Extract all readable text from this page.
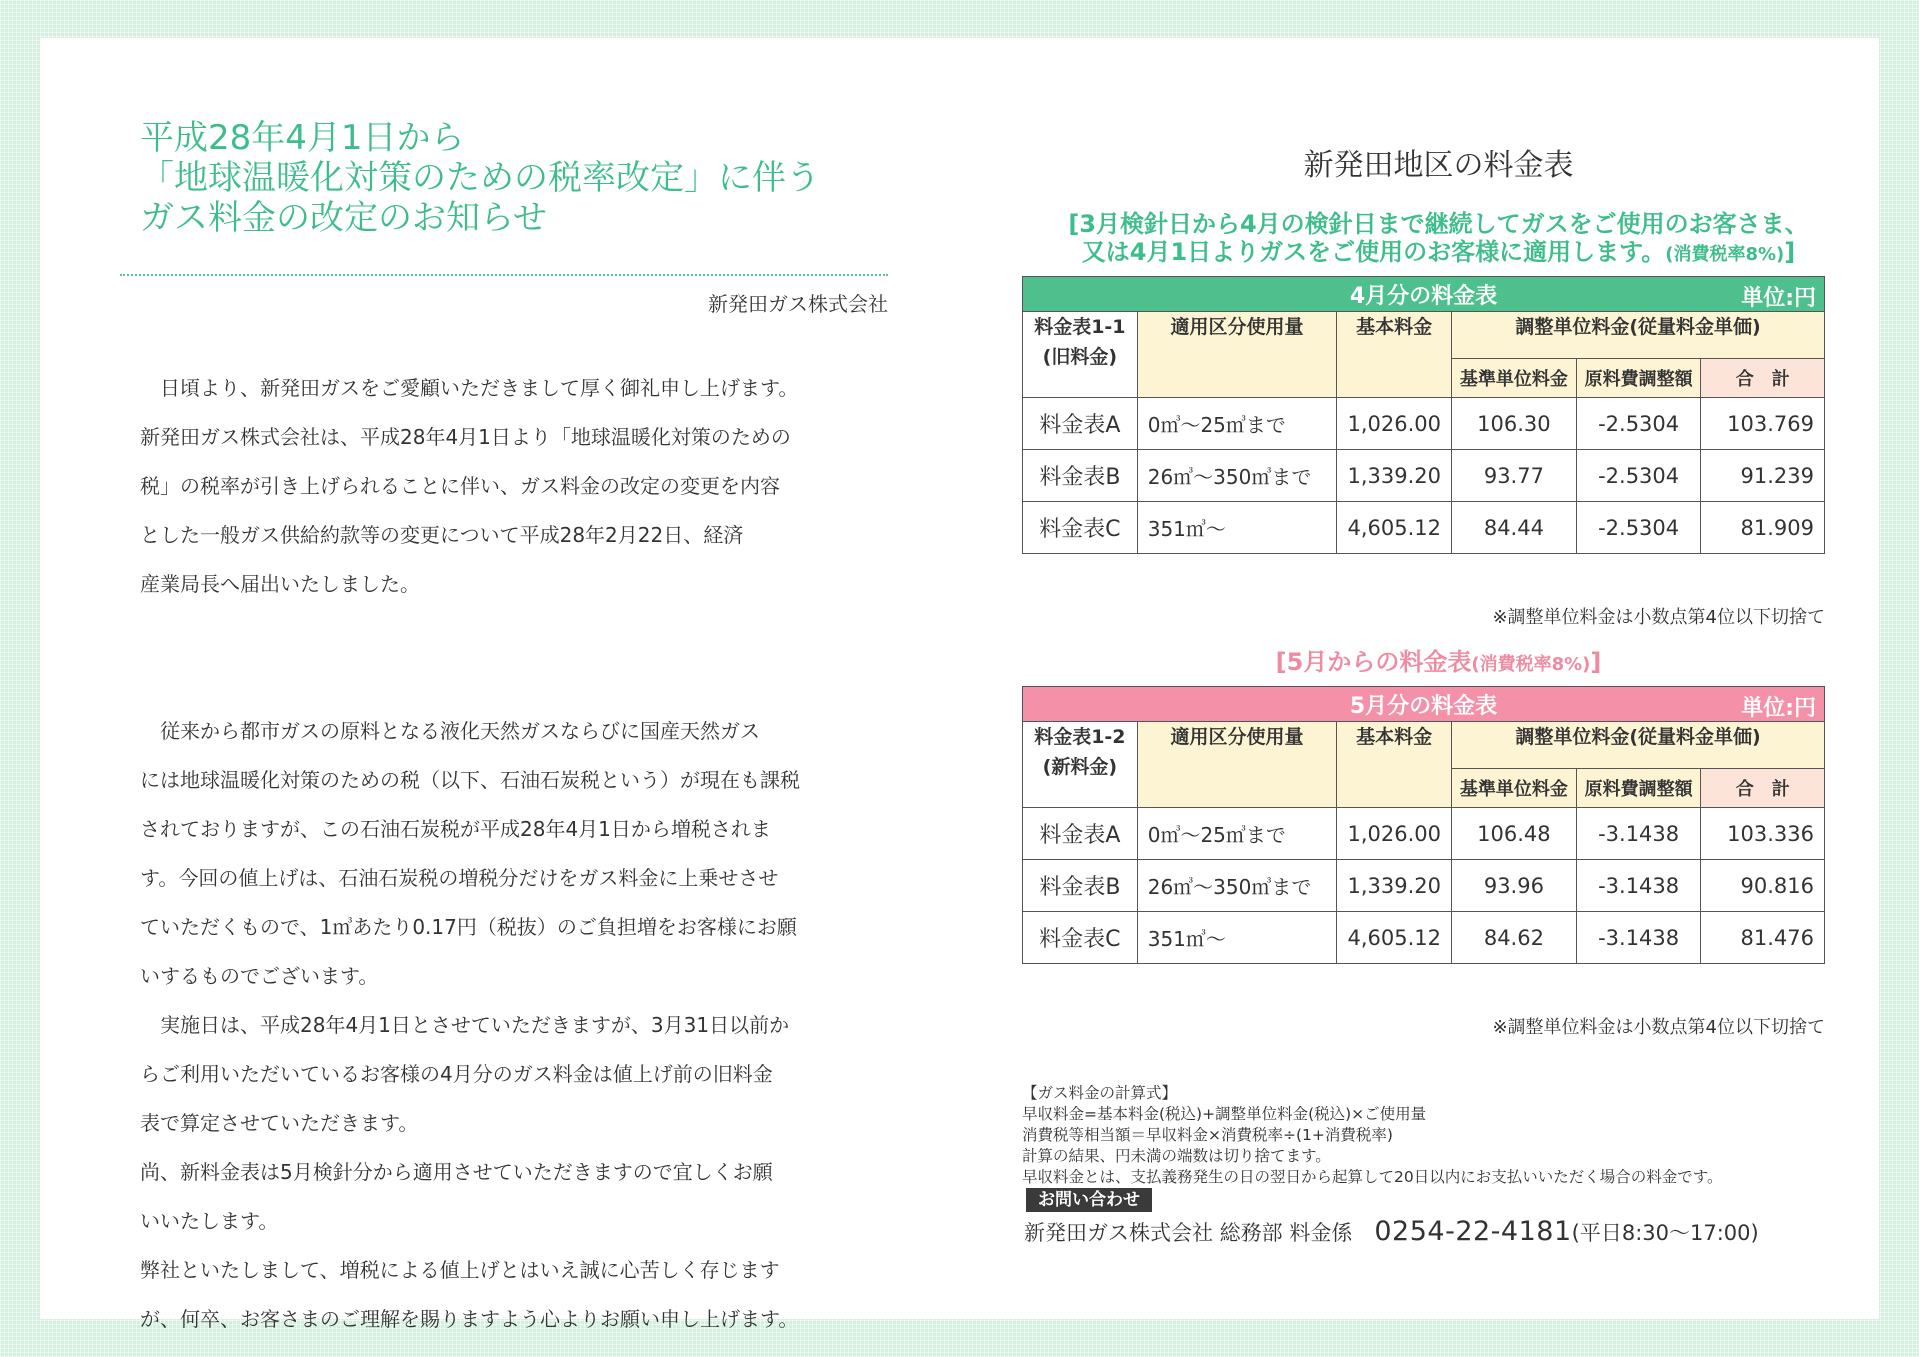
平成28年4月1日から
「地球温暖化対策のための税率改定」に伴う
ガス料金の改定のお知らせ
新発田ガス株式会社
　日頃より、新発田ガスをご愛顧いただきまして厚く御礼申し上げます。
新発田ガス株式会社は、平成28年4月1日より「地球温暖化対策のための
税」の税率が引き上げられることに伴い、ガス料金の改定の変更を内容
とした一般ガス供給約款等の変更について平成28年2月22日、経済
産業局長へ届出いたしました。
　従来から都市ガスの原料となる液化天然ガスならびに国産天然ガス
には地球温暖化対策のための税（以下、石油石炭税という）が現在も課税
されておりますが、この石油石炭税が平成28年4月1日から増税されま
す。今回の値上げは、石油石炭税の増税分だけをガス料金に上乗せさせ
ていただくもので、1㎥あたり0.17円（税抜）のご負担増をお客様にお願
いするものでございます。
　実施日は、平成28年4月1日とさせていただきますが、3月31日以前か
らご利用いただいているお客様の4月分のガス料金は値上げ前の旧料金
表で算定させていただきます。
尚、新料金表は5月検針分から適用させていただきますので宜しくお願
いいたします。
弊社といたしまして、増税による値上げとはいえ誠に心苦しく存じます
が、何卒、お客さまのご理解を賜りますよう心よりお願い申し上げます。
新発田地区の料金表
[3月検針日から4月の検針日まで継続してガスをご使用のお客さま、
又は4月1日よりガスをご使用のお客様に適用します。(消費税率8%)]
4月分の料金表 単位:円					

料金表1-1
(旧料金)	適用区分使用量	基本料金	調整単位料金(従量料金単価)		
			基準単位料金	原料費調整額	合　計
料金表A	0㎥〜25㎥まで	1,026.00	106.30	-2.5304	103.769
料金表B	26㎥〜350㎥まで	1,339.20	93.77	-2.5304	91.239
料金表C	351㎥〜	4,605.12	84.44	-2.5304	81.909
※調整単位料金は小数点第4位以下切捨て
[5月からの料金表(消費税率8%)]
5月分の料金表 単位:円					

料金表1-2
(新料金)	適用区分使用量	基本料金	調整単位料金(従量料金単価)		
			基準単位料金	原料費調整額	合　計
料金表A	0㎥〜25㎥まで	1,026.00	106.48	-3.1438	103.336
料金表B	26㎥〜350㎥まで	1,339.20	93.96	-3.1438	90.816
料金表C	351㎥〜	4,605.12	84.62	-3.1438	81.476
※調整単位料金は小数点第4位以下切捨て
【ガス料金の計算式】
早収料金=基本料金(税込)+調整単位料金(税込)×ご使用量
消費税等相当額＝早収料金×消費税率÷(1+消費税率)
計算の結果、円未満の端数は切り捨てます。
早収料金とは、支払義務発生の日の翌日から起算して20日以内にお支払いいただく場合の料金です。
お問い合わせ
新発田ガス株式会社 総務部 料金係 0254-22-4181(平日8:30〜17:00)
